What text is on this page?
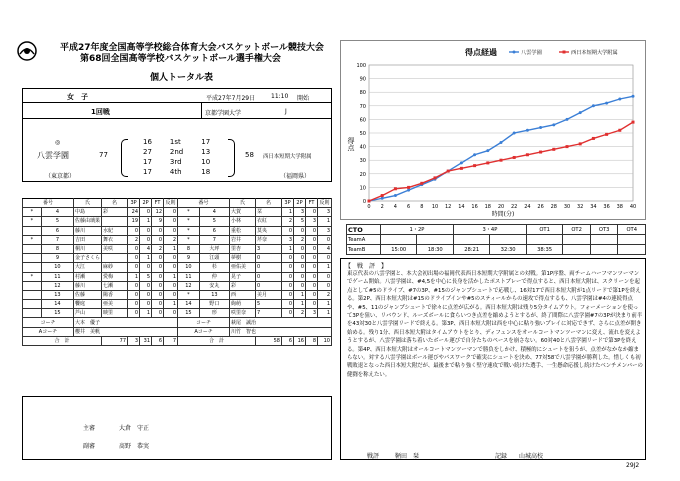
平成27年度全国高等学校総合体育大会バスケットボール競技大会
第68回全国高等学校バスケットボール選手権大会
個人トータル表
女　子	平成27年7月29日	11:10 開始
1回戦	京都学園大学	J
◎
八雲学園
（東京都）
77
16	1st	17
27	2nd	13
17	3rd	10
17	4th	18
58 西日本短期大学附属
（福岡県）
番号		氏	名	3P	2P	FT	反則	番号		氏	名	3P	2P	FT	反則
*	4	中島	彩	24	0	12	0	*	4	大賀	栞	1	3	0	3
*	5	佐藤由璃果		19	1	9	0	*	5	小林	衣紅	2	5	3	1
	6	藤川	水紀	0	0	0	0	*	6	重松	莫央	0	0	0	3
*	7	吉田	舞衣	2	0	0	2	*	7	岩井	芹奈	3	2	0	0
	8	桐川	美咲	0	4	2	1	8	大坪	里杏	3	1	0	0	4
	9	金子さくら		0	1	0	0	9	江頭	夢樹	0	0	0	0	0
	10	大江	麻紗	0	0	0	0	10	杉	亜佑美	0	0	0	0	1
*	11	村瀬	愛梅	1	5	0	1	11	仲	晃子	0	0	0	0	0
	12	藤川	七瀬	0	0	0	0	12	安丸	彩	0	0	0	0	0
	13	佐藤	陽香	0	0	0	0	*	13	西	美月	0	1	0	2
	14	饗庭	亜美	0	0	0	1	14	野口	絢萌	5	0	1	0	1
	15	芦山	映里	0	1	0	0	15	形	咲里奈	7	0	2	3	1
コーチ		大本　優子						コーチ		萩尾　誠治					
Aコーチ		櫻井　美帆						Aコーチ		川竹　智也					
合　計			77	3	31	6	7	合　計			58	6	16	8	10
主審	大倉　守正
副審	髙野　恭実
得点経過
0
10
20
30
40
50
60
70
80
90
100
0 2 4 6 8 10 12 14 16 18 20 22 24 26 28 30 32 34 36 38 40
得点
時間(分)
八雲学園	西日本短期大学附属
CTO	1・2P		3・4P		OT1	OT2	OT3	OT4
TeamA								
TeamB	15:00	18:30	28:21	32:30	38:35			
【　戦　評　】
東京代表の八雲学園と、本大会初出場の福岡代表西日本短期大学附属との対戦。第1P序盤、両チームハーフマンツーマンでゲーム開始。八雲学園は、#4,5を中心に長身を活かしたポストプレーで得点すると、西日本短大附は、スクリーンを起点として#5のドライブ、#7の3P、#15のジャンプシュートで応戦し、16対17で西日本短大附が1点リードで第1Pを終える。第2P、西日本短大附は#15のドライブインや#5のスティールからの速攻で得点するも、八雲学園は#4の連続得点や、#5、11のジャンプシュートで徐々に点差が広がる。西日本短大附は残り5分タイムアウト。フォーメーションを使って3Pを狙い、リバウンド、ルーズボールに食らいつき点差を縮めようとするが、終了間際に八雲学園#7の3Pが決まり前半を43対30と八雲学園リードで終える。第3P、西日本短大附は西を中心に粘り強いプレイに対応できず、さらに点差が開き始める。残り1分、西日本短大附はタイムアウトをとり、ディフェンスをオールコートマンツーマンに変え、流れを変えようとするが、八雲学園は落ち着いたボール運びで自分たちのペースを崩さない。60対40と八雲学園リードで第3Pを終える。第4P、西日本短大附はオールコートマンツーマンで勝負をしかけ、積極的にシュートを狙うが、点差がなかなか縮まらない。対する八雲学園はボール運びやパスワークで確実にシュートを決め、77対58で八雲学園が勝利した。惜しくも初戦敗退となった西日本短大附だが、最後まで粘り強く堅守速攻で戦い続けた選手、一生懸命応援し続けたベンチメンバーの健闘を称えたい。
戦評	鞆田　栞	記録 山城高校
29J2
